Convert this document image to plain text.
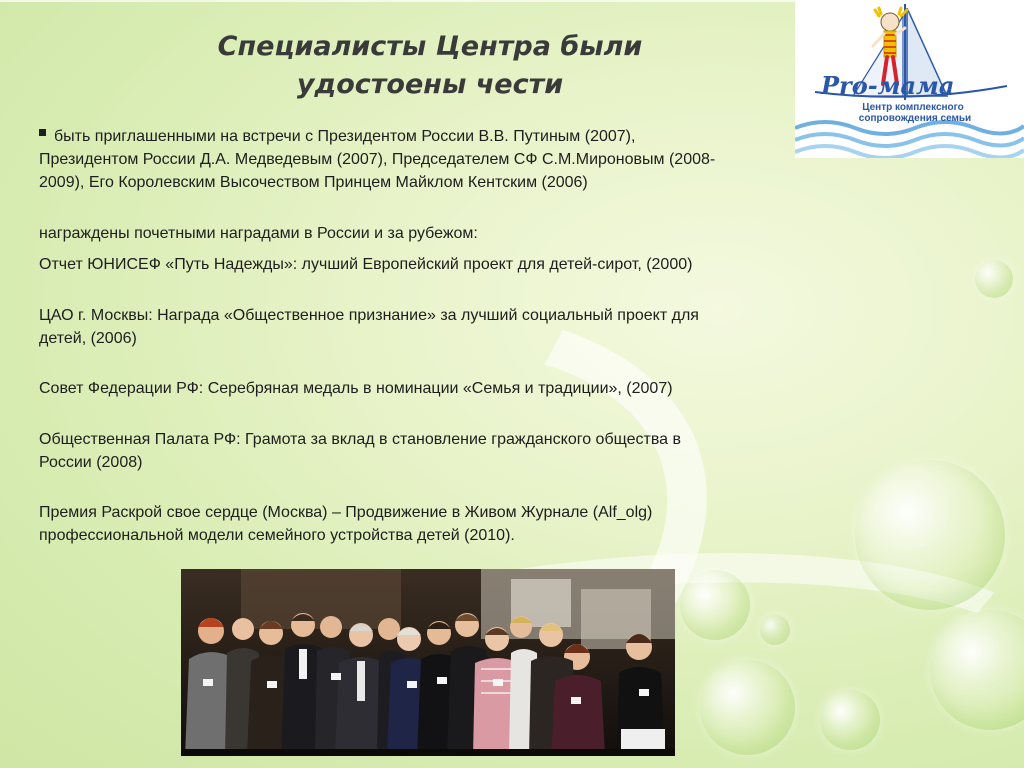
Специалисты Центра были
удостоены чести	Pro-мама
Центр комплексного
сопровождения семьи
быть приглашенными на встречи с Президентом России В.В. Путиным (2007),
Президентом России Д.А. Медведевым (2007), Председателем СФ С.М.Мироновым (2008-
2009), Его Королевским Высочеством Принцем Майклом Кентским (2006)
награждены почетными наградами в России и за рубежом:
Отчет ЮНИСЕФ «Путь Надежды»: лучший Европейский проект для детей-сирот, (2000)
ЦАО г. Москвы: Награда «Общественное признание» за лучший социальный проект для
детей, (2006)
Совет Федерации РФ: Серебряная медаль в номинации «Семья и традиции», (2007)
Общественная Палата РФ: Грамота за вклад в становление гражданского общества в
России (2008)
Премия Раскрой свое сердце (Москва) – Продвижение в Живом Журнале (Alf_olg)
профессиональной модели семейного устройства детей (2010).
